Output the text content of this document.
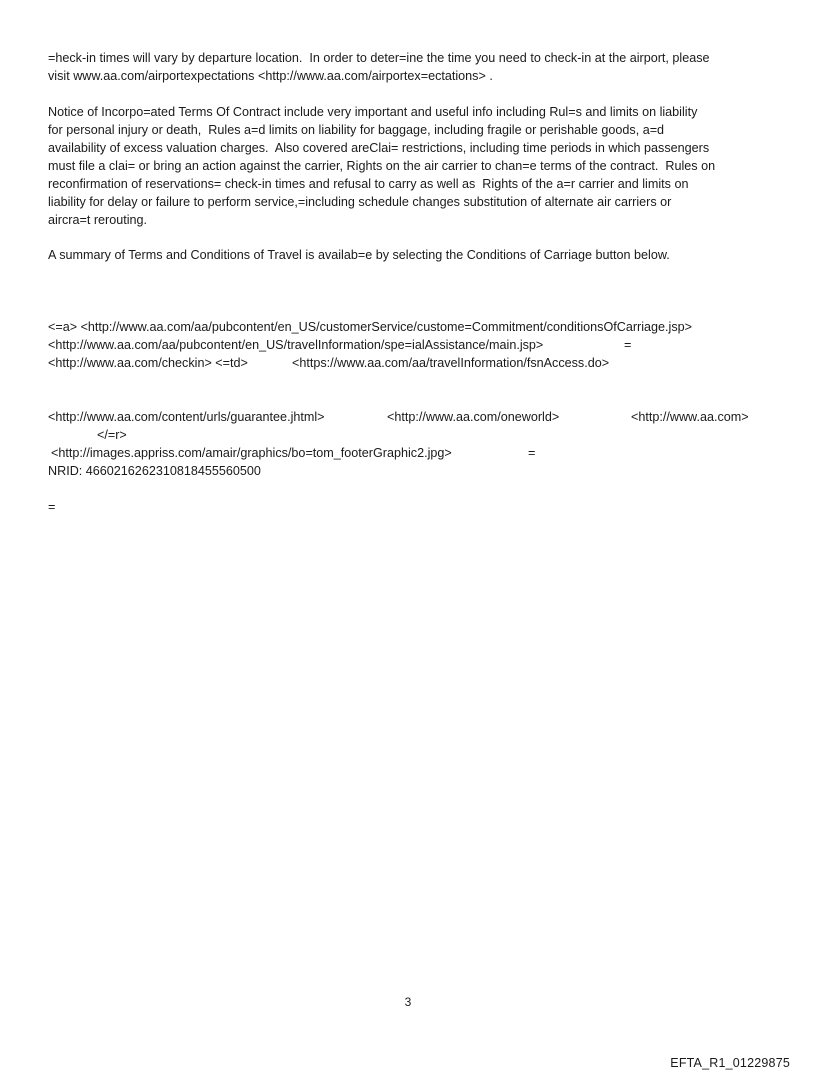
=heck-in times will vary by departure location.  In order to deter=ine the time you need to check-in at the airport, please

visit www.aa.com/airportexpectations <http://www.aa.com/airportex=ectations> .

Notice of Incorpo=ated Terms Of Contract include very important and useful info including Rul=s and limits on liability

for personal injury or death,  Rules a=d limits on liability for baggage, including fragile or perishable goods, a=d

availability of excess valuation charges.  Also covered areClai= restrictions, including time periods in which passengers

must file a clai= or bring an action against the carrier, Rights on the air carrier to chan=e terms of the contract.  Rules on

reconfirmation of reservations= check-in times and refusal to carry as well as  Rights of the a=r carrier and limits on

liability for delay or failure to perform service,=including schedule changes substitution of alternate air carriers or

aircra=t rerouting.

A summary of Terms and Conditions of Travel is availab=e by selecting the Conditions of Carriage button below.

<=a> <http://www.aa.com/aa/pubcontent/en_US/customerService/custome=Commitment/conditionsOfCarriage.jsp>

<http://www.aa.com/aa/pubcontent/en_US/travelInformation/spe=ialAssistance/main.jsp>	=

<http://www.aa.com/checkin> <=td>	<https://www.aa.com/aa/travelInformation/fsnAccess.do>

<http://www.aa.com/content/urls/guarantee.jhtml>	<http://www.aa.com/oneworld>	<http://www.aa.com>

</=r>

<http://images.appriss.com/amair/graphics/bo=tom_footerGraphic2.jpg>	=

NRID: 4660216262310818455560500

=

3
EFTA_R1_01229875
